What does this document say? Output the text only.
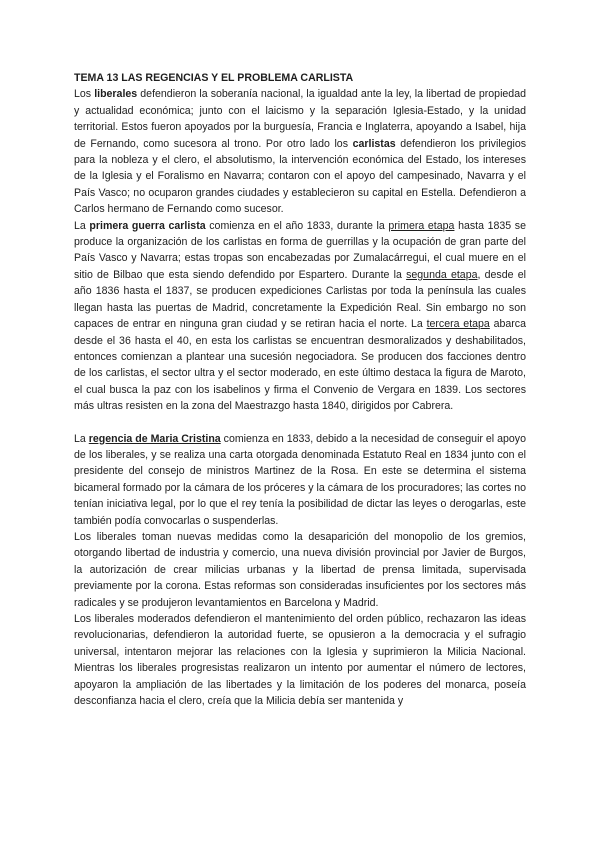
TEMA 13 LAS REGENCIAS Y EL PROBLEMA CARLISTA

Los liberales defendieron la soberanía nacional, la igualdad ante la ley, la libertad de propiedad y actualidad económica; junto con el laicismo y la separación Iglesia-Estado, y la unidad territorial. Estos fueron apoyados por la burguesía, Francia e Inglaterra, apoyando a Isabel, hija de Fernando, como sucesora al trono. Por otro lado los carlistas defendieron los privilegios para la nobleza y el clero, el absolutismo, la intervención económica del Estado, los intereses de la Iglesia y el Foralismo en Navarra; contaron con el apoyo del campesinado, Navarra y el País Vasco; no ocuparon grandes ciudades y establecieron su capital en Estella. Defendieron a Carlos hermano de Fernando como sucesor.

La primera guerra carlista comienza en el año 1833, durante la primera etapa hasta 1835 se produce la organización de los carlistas en forma de guerrillas y la ocupación de gran parte del País Vasco y Navarra; estas tropas son encabezadas por Zumalacárregui, el cual muere en el sitio de Bilbao que esta siendo defendido por Espartero. Durante la segunda etapa, desde el año 1836 hasta el 1837, se producen expediciones Carlistas por toda la península las cuales llegan hasta las puertas de Madrid, concretamente la Expedición Real. Sin embargo no son capaces de entrar en ninguna gran ciudad y se retiran hacia el norte. La tercera etapa abarca desde el 36 hasta el 40, en esta los carlistas se encuentran desmoralizados y deshabilitados, entonces comienzan a plantear una sucesión negociadora. Se producen dos facciones dentro de los carlistas, el sector ultra y el sector moderado, en este último destaca la figura de Maroto, el cual busca la paz con los isabelinos y firma el Convenio de Vergara en 1839. Los sectores más ultras resisten en la zona del Maestrazgo hasta 1840, dirigidos por Cabrera.

La regencia de Maria Cristina comienza en 1833, debido a la necesidad de conseguir el apoyo de los liberales, y se realiza una carta otorgada denominada Estatuto Real en 1834 junto con el presidente del consejo de ministros Martinez de la Rosa. En este se determina el sistema bicameral formado por la cámara de los próceres y la cámara de los procuradores; las cortes no tenían iniciativa legal, por lo que el rey tenía la posibilidad de dictar las leyes o derogarlas, este también podía convocarlas o suspenderlas.

Los liberales toman nuevas medidas como la desaparición del monopolio de los gremios, otorgando libertad de industria y comercio, una nueva división provincial por Javier de Burgos, la autorización de crear milicias urbanas y la libertad de prensa limitada, supervisada previamente por la corona. Estas reformas son consideradas insuficientes por los sectores más radicales y se produjeron levantamientos en Barcelona y Madrid.

Los liberales moderados defendieron el mantenimiento del orden público, rechazaron las ideas revolucionarias, defendieron la autoridad fuerte, se opusieron a la democracia y el sufragio universal, intentaron mejorar las relaciones con la Iglesia y suprimieron la Milicia Nacional. Mientras los liberales progresistas realizaron un intento por aumentar el número de lectores, apoyaron la ampliación de las libertades y la limitación de los poderes del monarca, poseía desconfianza hacia el clero, creía que la Milicia debía ser mantenida y
